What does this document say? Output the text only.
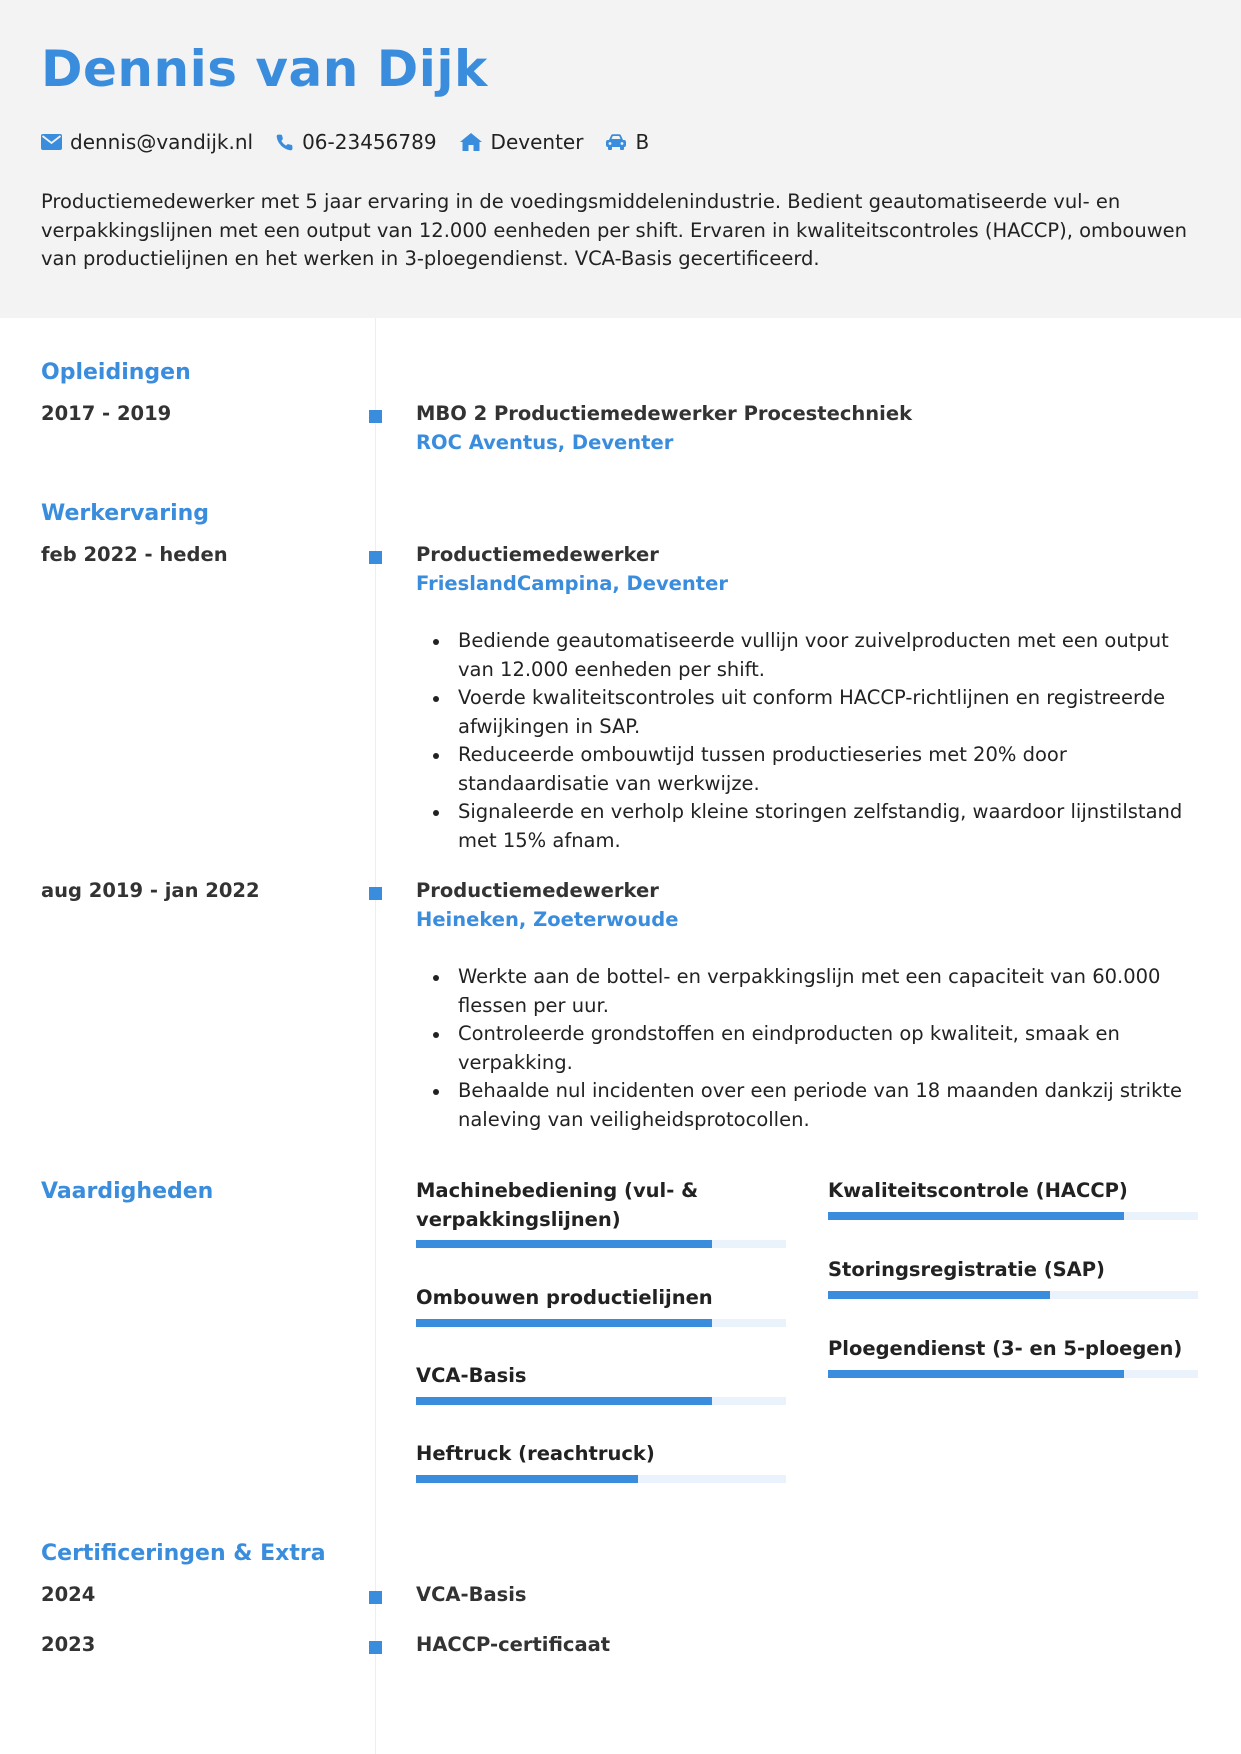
Dennis van Dijk
dennis@vandijk.nl 06-23456789	Deventer	B
Productiemedewerker met 5 jaar ervaring in de voedingsmiddelenindustrie. Bedient geautomatiseerde vul- en verpakkingslijnen met een output van 12.000 eenheden per shift. Ervaren in kwaliteitscontroles (HACCP), ombouwen van productielijnen en het werken in 3-ploegendienst. VCA-Basis gecertificeerd.
Opleidingen
2017 - 2019	MBO 2 Productiemedewerker Procestechniek
ROC Aventus, Deventer
Werkervaring
feb 2022 - heden	Productiemedewerker
FrieslandCampina, Deventer
Bediende geautomatiseerde vullijn voor zuivelproducten met een output van 12.000 eenheden per shift.
Voerde kwaliteitscontroles uit conform HACCP-richtlijnen en registreerde afwijkingen in SAP.
Reduceerde ombouwtijd tussen productieseries met 20% door standaardisatie van werkwijze.
Signaleerde en verholp kleine storingen zelfstandig, waardoor lijnstilstand met 15% afnam.
aug 2019 - jan 2022	Productiemedewerker
Heineken, Zoeterwoude
Werkte aan de bottel- en verpakkingslijn met een capaciteit van 60.000 flessen per uur.
Controleerde grondstoffen en eindproducten op kwaliteit, smaak en verpakking.
Behaalde nul incidenten over een periode van 18 maanden dankzij strikte naleving van veiligheidsprotocollen.
Vaardigheden	Machinebediening (vul- & verpakkingslijnen)
Ombouwen productielijnen
VCA-Basis
Heftruck (reachtruck)
Kwaliteitscontrole (HACCP)
Storingsregistratie (SAP)
Ploegendienst (3- en 5-ploegen)
Certificeringen & Extra
2024	VCA-Basis
2023	HACCP-certificaat
